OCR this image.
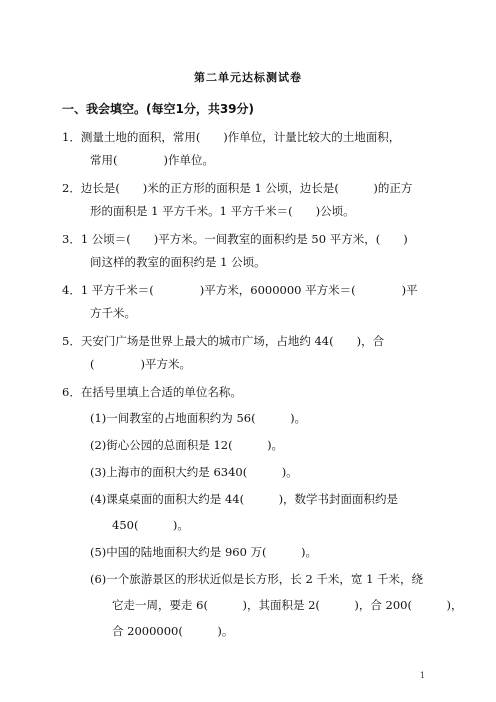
第二单元达标测试卷
一、我会填空。(每空1分，共39分)
1．测量土地的面积，常用(　　)作单位，计量比较大的土地面积，
常用(　　　　)作单位。
2．边长是(　　)米的正方形的面积是 1 公顷，边长是(　　　)的正方
形的面积是 1 平方千米。1 平方千米＝(　　)公顷。
3．1 公顷＝(　　)平方米。一间教室的面积约是 50 平方米，(　　)
间这样的教室的面积约是 1 公顷。
4．1 平方千米＝(　　　　)平方米，6000000 平方米＝(　　　　)平
方千米。
5．天安门广场是世界上最大的城市广场，占地约 44(　　)，合
(　　　　)平方米。
6．在括号里填上合适的单位名称。
(1)一间教室的占地面积约为 56(　　　)。
(2)街心公园的总面积是 12(　　　)。
(3)上海市的面积大约是 6340(　　　)。
(4)课桌桌面的面积大约是 44(　　　)，数学书封面面积约是
450(　　　)。
(5)中国的陆地面积大约是 960 万(　　　)。
(6)一个旅游景区的形状近似是长方形，长 2 千米，宽 1 千米，绕
它走一周，要走 6(　　　)，其面积是 2(　　　)，合 200(　　　)，
合 2000000(　　　)。
1
